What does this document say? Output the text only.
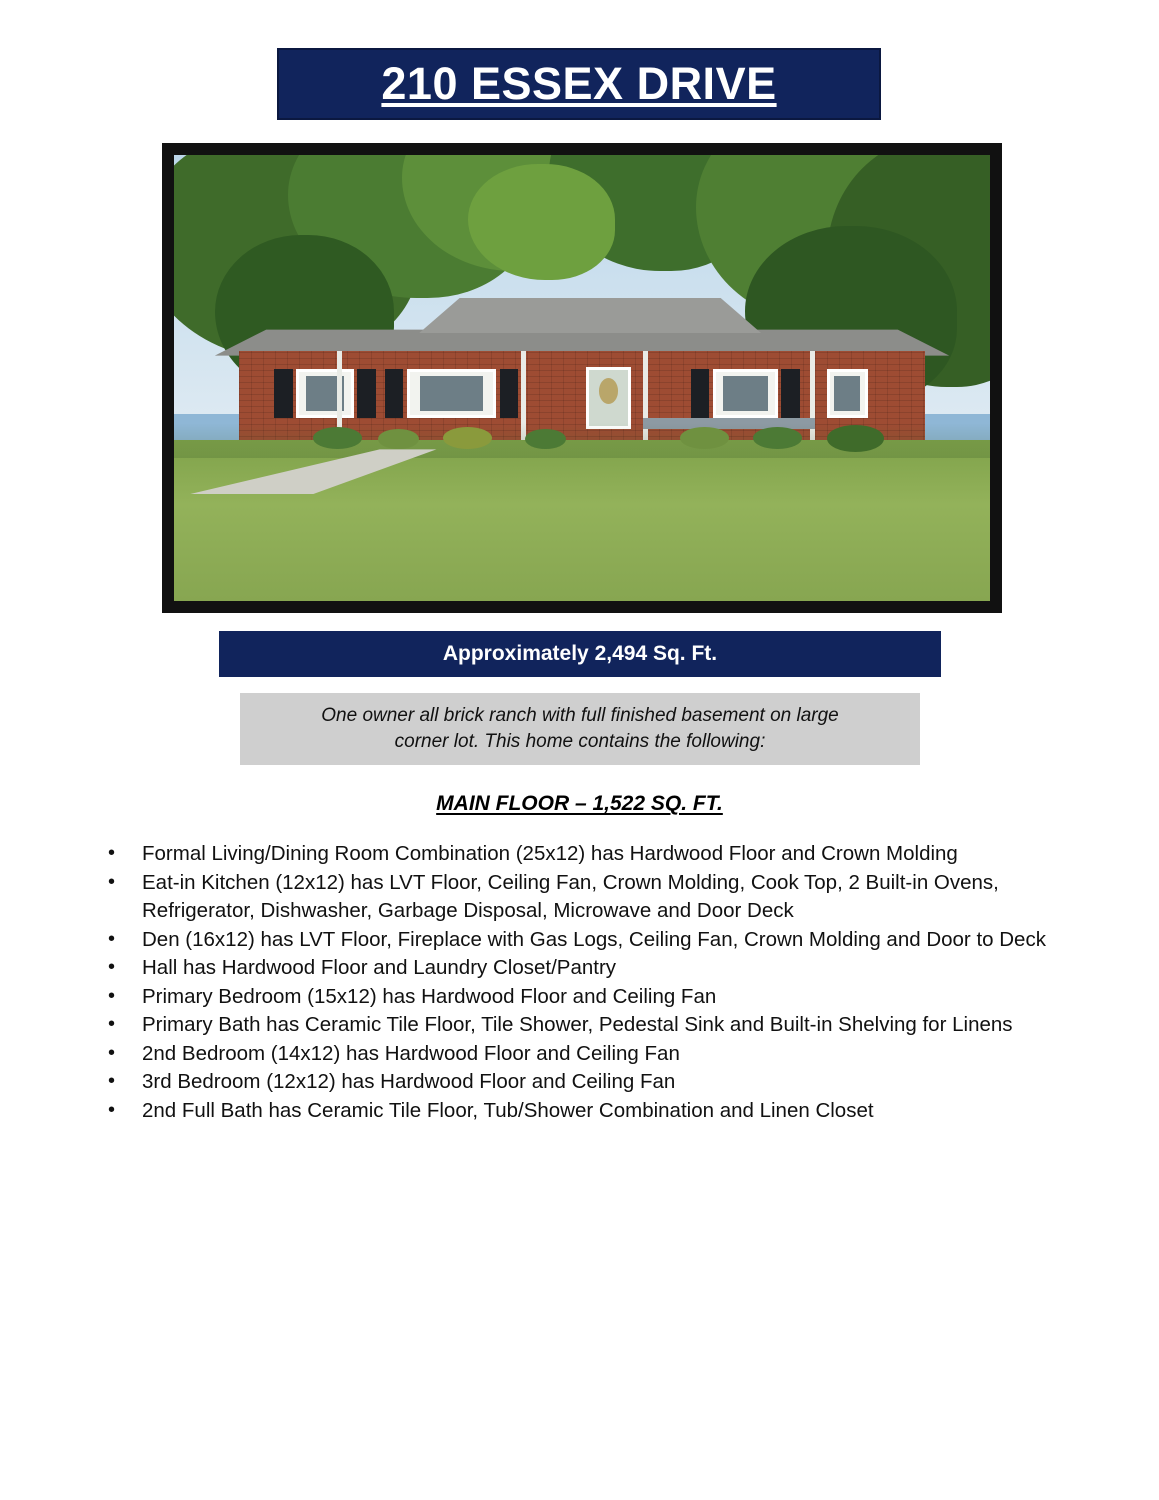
210 ESSEX DRIVE
Approximately 2,494 Sq. Ft.
One owner all brick ranch with full finished basement on large
corner lot. This home contains the following:
MAIN FLOOR – 1,522 SQ. FT.
• Formal Living/Dining Room Combination (25x12) has Hardwood Floor and Crown Molding
• Eat-in Kitchen (12x12) has LVT Floor, Ceiling Fan, Crown Molding, Cook Top, 2 Built-in Ovens, Refrigerator, Dishwasher, Garbage Disposal, Microwave and Door Deck
• Den (16x12) has LVT Floor, Fireplace with Gas Logs, Ceiling Fan, Crown Molding and Door to Deck
• Hall has Hardwood Floor and Laundry Closet/Pantry
• Primary Bedroom (15x12) has Hardwood Floor and Ceiling Fan
• Primary Bath has Ceramic Tile Floor, Tile Shower, Pedestal Sink and Built-in Shelving for Linens
• 2nd Bedroom (14x12) has Hardwood Floor and Ceiling Fan
• 3rd Bedroom (12x12) has Hardwood Floor and Ceiling Fan
• 2nd Full Bath has Ceramic Tile Floor, Tub/Shower Combination and Linen Closet
